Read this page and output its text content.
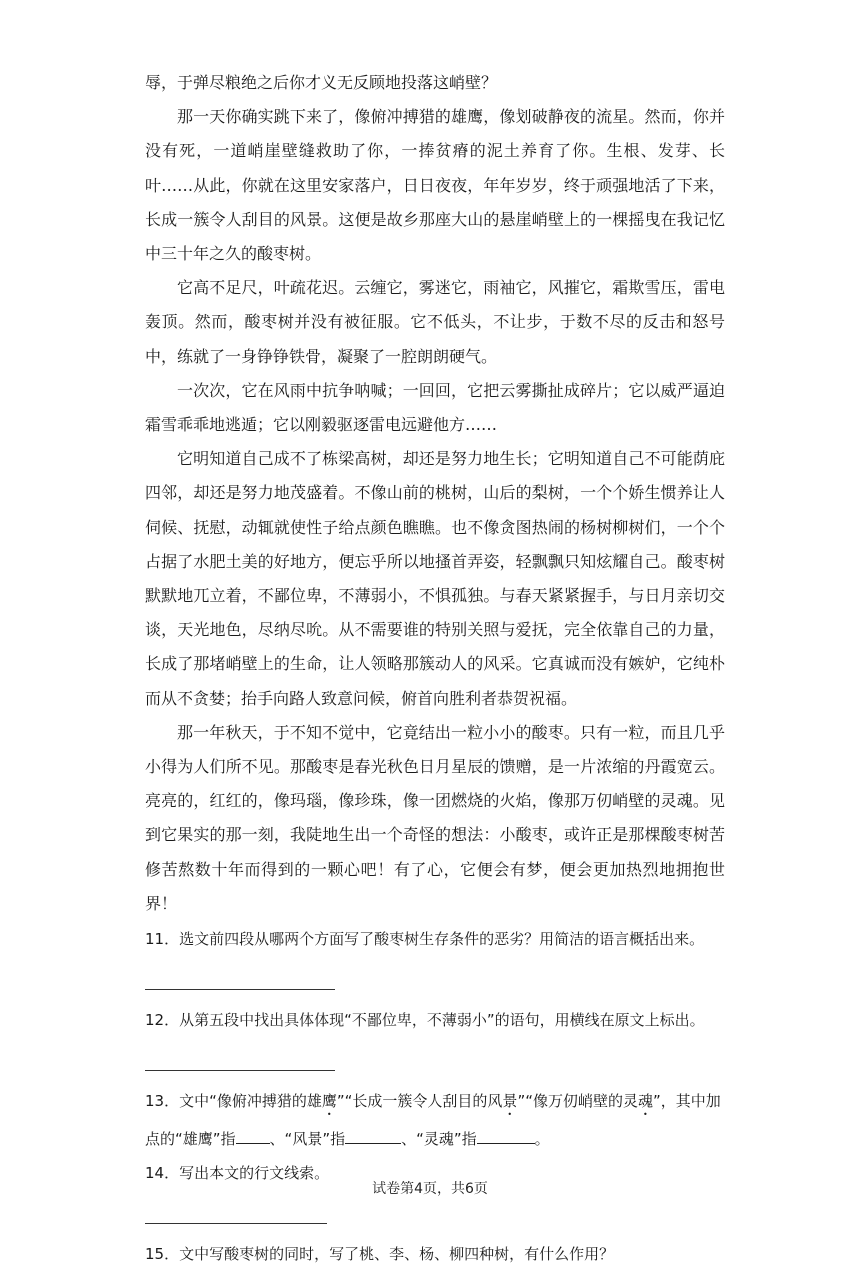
辱，于弹尽粮绝之后你才义无反顾地投落这峭壁？

那一天你确实跳下来了，像俯冲搏猎的雄鹰，像划破静夜的流星。然而，你并没有死，一道峭崖壁缝救助了你，一捧贫瘠的泥土养育了你。生根、发芽、长叶……从此，你就在这里安家落户，日日夜夜，年年岁岁，终于顽强地活了下来，长成一簇令人刮目的风景。这便是故乡那座大山的悬崖峭壁上的一棵摇曳在我记忆中三十年之久的酸枣树。

它高不足尺，叶疏花迟。云缠它，雾迷它，雨袖它，风摧它，霜欺雪压，雷电轰顶。然而，酸枣树并没有被征服。它不低头，不让步，于数不尽的反击和怒号中，练就了一身铮铮铁骨，凝聚了一腔朗朗硬气。

一次次，它在风雨中抗争呐喊；一回回，它把云雾撕扯成碎片；它以威严逼迫霜雪乖乖地逃遁；它以刚毅驱逐雷电远避他方……

它明知道自己成不了栋梁高树，却还是努力地生长；它明知道自己不可能荫庇四邻，却还是努力地茂盛着。不像山前的桃树，山后的梨树，一个个娇生惯养让人伺候、抚慰，动辄就使性子给点颜色瞧瞧。也不像贪图热闹的杨树柳树们，一个个占据了水肥土美的好地方，便忘乎所以地搔首弄姿，轻飘飘只知炫耀自己。酸枣树默默地兀立着，不鄙位卑，不薄弱小，不惧孤独。与春天紧紧握手，与日月亲切交谈，天光地色，尽纳尽吮。从不需要谁的特别关照与爱抚，完全依靠自己的力量，长成了那堵峭壁上的生命，让人领略那簇动人的风采。它真诚而没有嫉妒，它纯朴而从不贪婪；抬手向路人致意问候，俯首向胜利者恭贺祝福。

那一年秋天，于不知不觉中，它竟结出一粒小小的酸枣。只有一粒，而且几乎小得为人们所不见。那酸枣是春光秋色日月星辰的馈赠，是一片浓缩的丹霞宽云。亮亮的，红红的，像玛瑙，像珍珠，像一团燃烧的火焰，像那万仞峭壁的灵魂。见到它果实的那一刻，我陡地生出一个奇怪的想法：小酸枣，或许正是那棵酸枣树苦修苦熬数十年而得到的一颗心吧！有了心，它便会有梦，便会更加热烈地拥抱世界！

11．选文前四段从哪两个方面写了酸枣树生存条件的恶劣？用简洁的语言概括出来。

12．从第五段中找出具体体现“不鄙位卑，不薄弱小”的语句，用横线在原文上标出。

13．文中“像俯冲搏猎的雄鹰”“长成一簇令人刮目的风景”“像万仞峭壁的灵魂”，其中加

点的“雄鹰”指 、“风景”指	、“灵魂”指	。

14．写出本文的行文线索。

15．文中写酸枣树的同时，写了桃、李、杨、柳四种树，有什么作用？

试卷第4页，共6页
